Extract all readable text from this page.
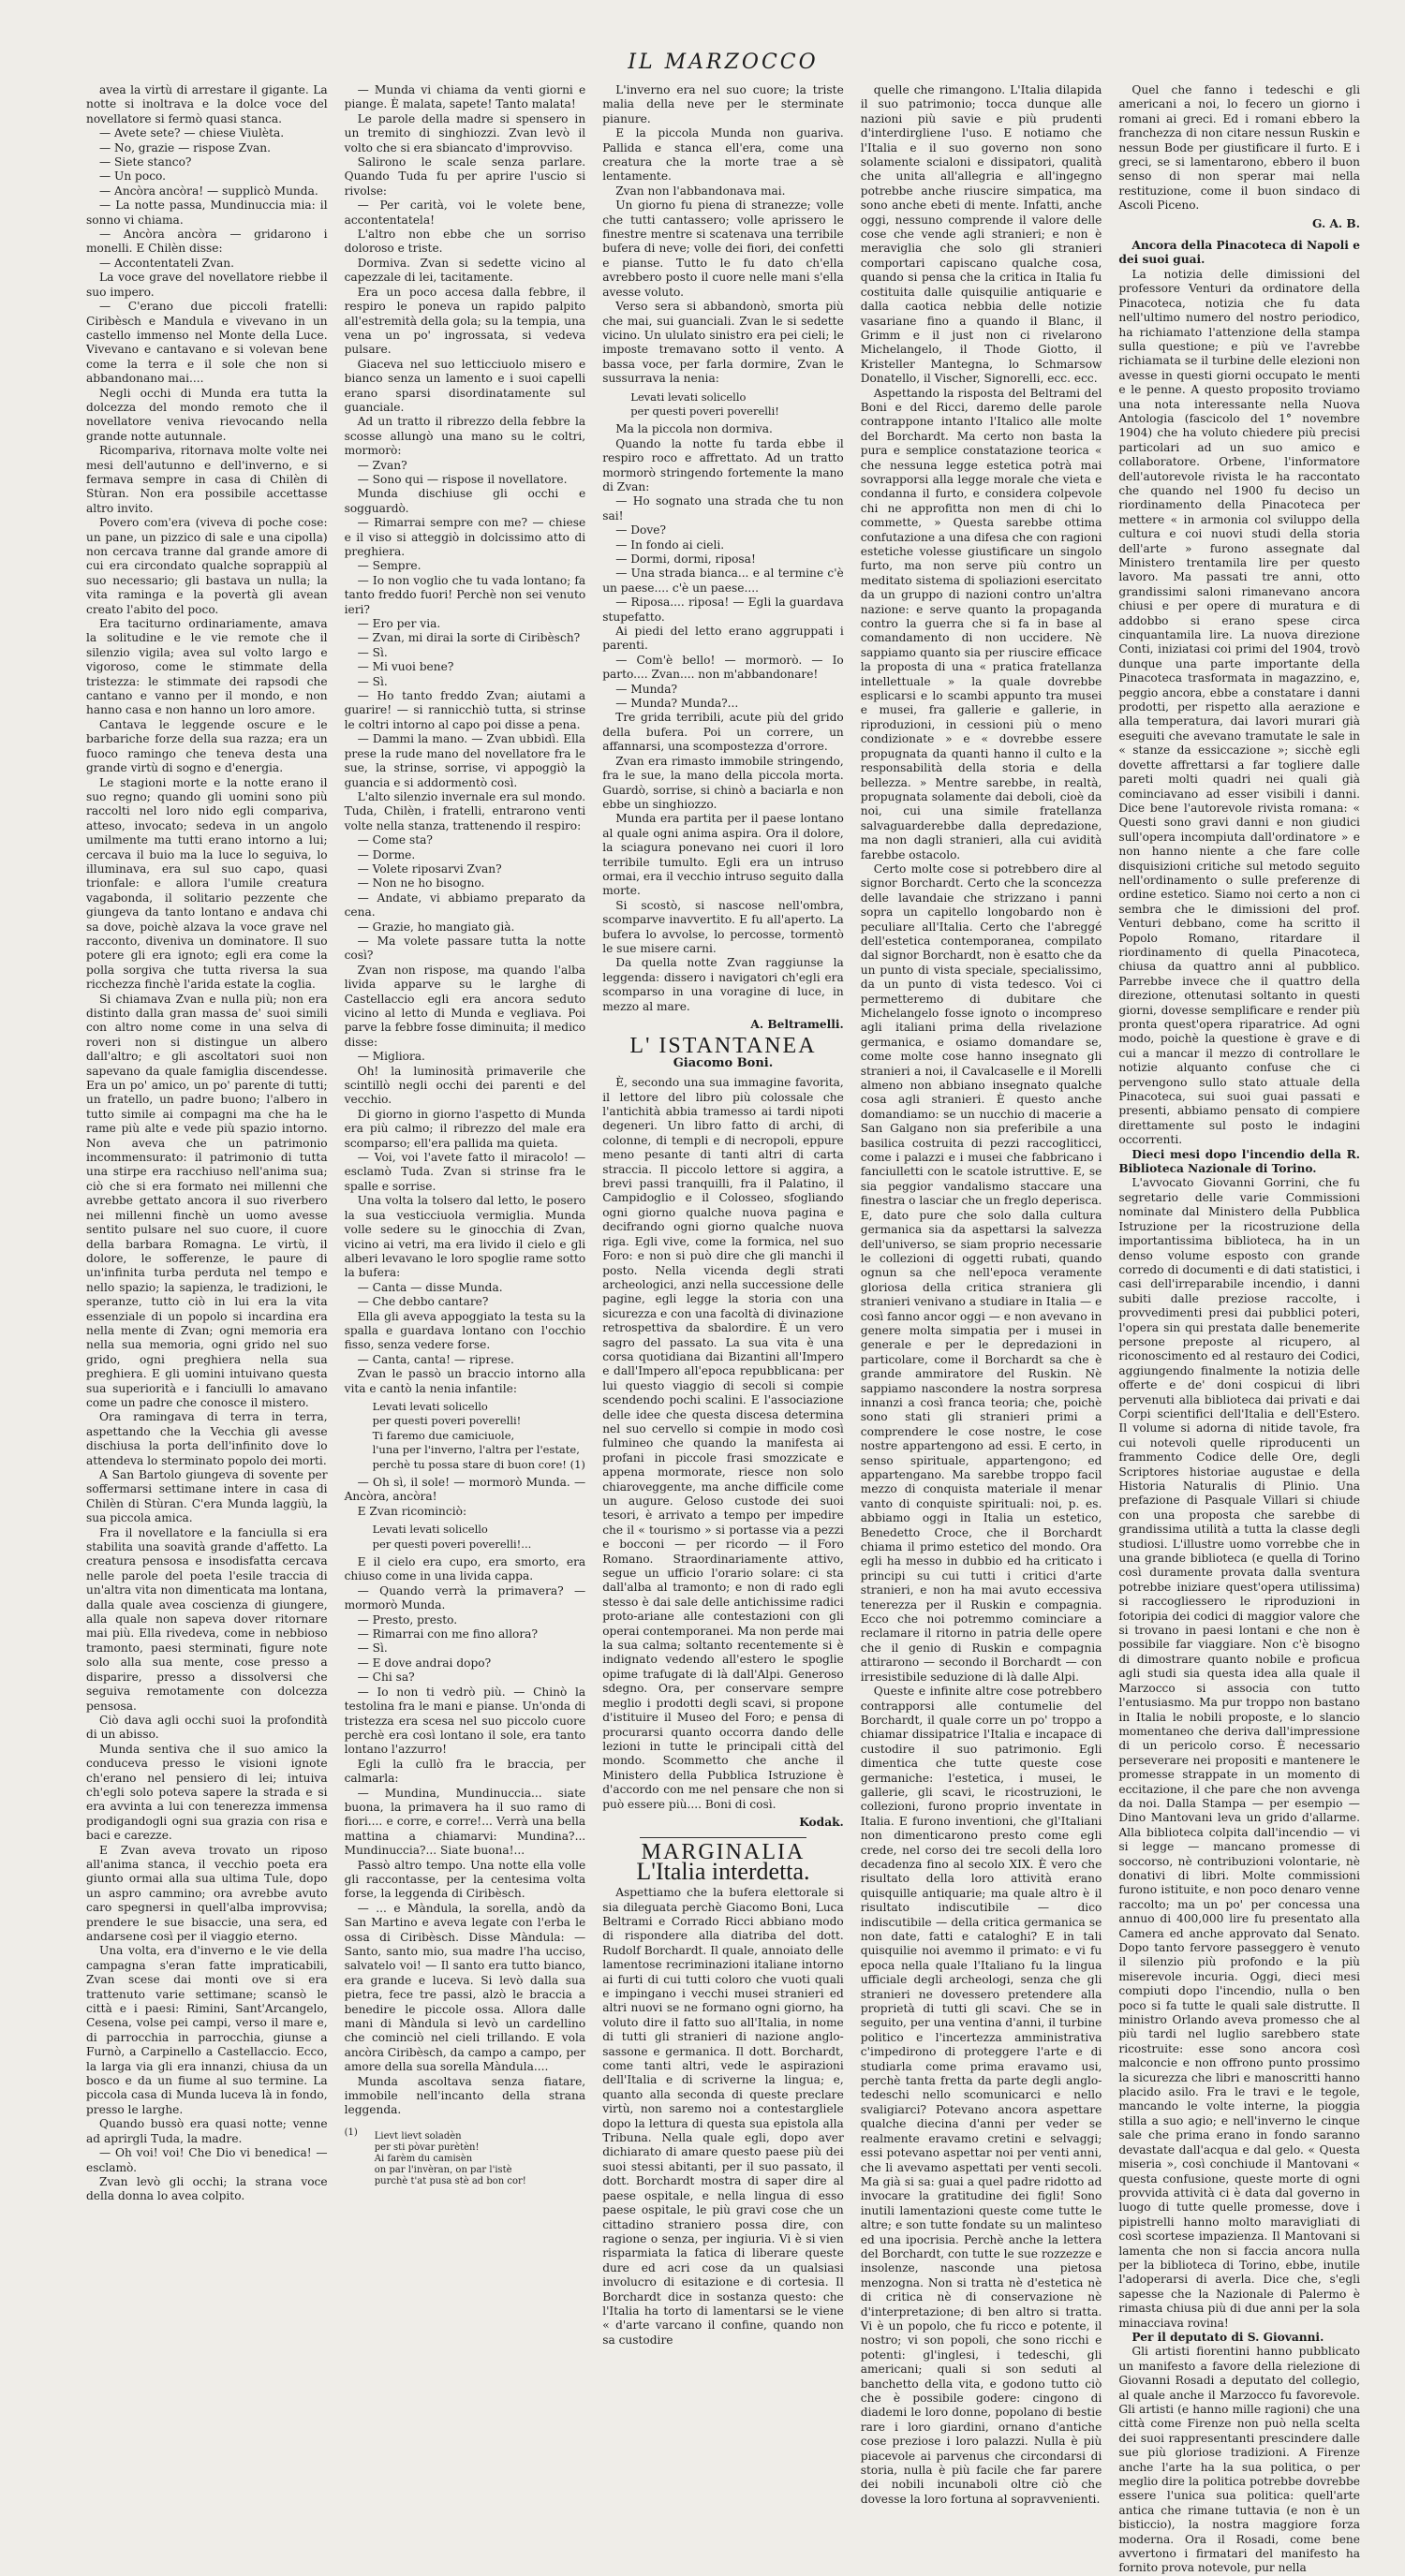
IL MARZOCCO

avea la virtù di arrestare il gigante. La notte si inoltrava e la dolce voce del novellatore si fermò quasi stanca.

— Avete sete? — chiese Viulèta.

— No, grazie — rispose Zvan.

— Siete stanco?

— Un poco.

— Ancòra ancòra! — supplicò Munda.

— La notte passa, Mundinuccia mia: il sonno vi chiama.

— Ancòra ancòra — gridarono i monelli. E Chilèn disse:

— Accontentateli Zvan.

La voce grave del novellatore riebbe il suo impero.

— C'erano due piccoli fratelli: Ciribèsch e Mandula e vivevano in un castello immenso nel Monte della Luce. Vivevano e cantavano e si volevan bene come la terra e il sole che non si abbandonano mai....

Negli occhi di Munda era tutta la dolcezza del mondo remoto che il novellatore veniva rievocando nella grande notte autunnale.

Ricompariva, ritornava molte volte nei mesi dell'autunno e dell'inverno, e si fermava sempre in casa di Chilèn di Stùran. Non era possibile accettasse altro invito.

Povero com'era (viveva di poche cose: un pane, un pizzico di sale e una cipolla) non cercava tranne dal grande amore di cui era circondato qualche soprappiù al suo necessario; gli bastava un nulla; la vita raminga e la povertà gli avean creato l'abito del poco.

Era taciturno ordinariamente, amava la solitudine e le vie remote che il silenzio vigila; avea sul volto largo e vigoroso, come le stimmate della tristezza: le stimmate dei rapsodi che cantano e vanno per il mondo, e non hanno casa e non hanno un loro amore.

Cantava le leggende oscure e le barbariche forze della sua razza; era un fuoco ramingo che teneva desta una grande virtù di sogno e d'energia.

Le stagioni morte e la notte erano il suo regno; quando gli uomini sono più raccolti nel loro nido egli compariva, atteso, invocato; sedeva in un angolo umilmente ma tutti erano intorno a lui; cercava il buio ma la luce lo seguiva, lo illuminava, era sul suo capo, quasi trionfale: e allora l'umile creatura vagabonda, il solitario pezzente che giungeva da tanto lontano e andava chi sa dove, poichè alzava la voce grave nel racconto, diveniva un dominatore. Il suo potere gli era ignoto; egli era come la polla sorgiva che tutta riversa la sua ricchezza finchè l'arida estate la coglia.

Si chiamava Zvan e nulla più; non era distinto dalla gran massa de' suoi simili con altro nome come in una selva di roveri non si distingue un albero dall'altro; e gli ascoltatori suoi non sapevano da quale famiglia discendesse. Era un po' amico, un po' parente di tutti; un fratello, un padre buono; l'albero in tutto simile ai compagni ma che ha le rame più alte e vede più spazio intorno. Non aveva che un patrimonio incommensurato: il patrimonio di tutta una stirpe era racchiuso nell'anima sua; ciò che si era formato nei millenni che avrebbe gettato ancora il suo riverbero nei millenni finchè un uomo avesse sentito pulsare nel suo cuore, il cuore della barbara Romagna. Le virtù, il dolore, le sofferenze, le paure di un'infinita turba perduta nel tempo e nello spazio; la sapienza, le tradizioni, le speranze, tutto ciò in lui era la vita essenziale di un popolo si incardina era nella mente di Zvan; ogni memoria era nella sua memoria, ogni grido nel suo grido, ogni preghiera nella sua preghiera. E gli uomini intuivano questa sua superiorità e i fanciulli lo amavano come un padre che conosce il mistero.

Ora ramingava di terra in terra, aspettando che la Vecchia gli avesse dischiusa la porta dell'infinito dove lo attendeva lo sterminato popolo dei morti.

A San Bartolo giungeva di sovente per soffermarsi settimane intere in casa di Chilèn di Stùran. C'era Munda laggiù, la sua piccola amica.

Fra il novellatore e la fanciulla si era stabilita una soavità grande d'affetto. La creatura pensosa e insodisfatta cercava nelle parole del poeta l'esile traccia di un'altra vita non dimenticata ma lontana, dalla quale avea coscienza di giungere, alla quale non sapeva dover ritornare mai più. Ella rivedeva, come in nebbioso tramonto, paesi sterminati, figure note solo alla sua mente, cose presso a disparire, presso a dissolversi che seguiva remotamente con dolcezza pensosa.

Ciò dava agli occhi suoi la profondità di un abisso.

Munda sentiva che il suo amico la conduceva presso le visioni ignote ch'erano nel pensiero di lei; intuiva ch'egli solo poteva sapere la strada e si era avvinta a lui con tenerezza immensa prodigandogli ogni sua grazia con risa e baci e carezze.

E Zvan aveva trovato un riposo all'anima stanca, il vecchio poeta era giunto ormai alla sua ultima Tule, dopo un aspro cammino; ora avrebbe avuto caro spegnersi in quell'alba improvvisa; prendere le sue bisaccie, una sera, ed andarsene così per il viaggio eterno.

Una volta, era d'inverno e le vie della campagna s'eran fatte impraticabili, Zvan scese dai monti ove si era trattenuto varie settimane; scansò le città e i paesi: Rimini, Sant'Arcangelo, Cesena, volse pei campi, verso il mare e, di parrocchia in parrocchia, giunse a Furnò, a Carpinello a Castellaccio. Ecco, la larga via gli era innanzi, chiusa da un bosco e da un fiume al suo termine. La piccola casa di Munda luceva là in fondo, presso le larghe.

Quando bussò era quasi notte; venne ad aprirgli Tuda, la madre.

— Oh voi! voi! Che Dio vi benedica! — esclamò.

Zvan levò gli occhi; la strana voce della donna lo avea colpito.

— Munda vi chiama da venti giorni e piange. È malata, sapete! Tanto malata!

Le parole della madre si spensero in un tremito di singhiozzi. Zvan levò il volto che si era sbiancato d'improvviso.

Salirono le scale senza parlare. Quando Tuda fu per aprire l'uscio si rivolse:

— Per carità, voi le volete bene, accontentatela!

L'altro non ebbe che un sorriso doloroso e triste.

Dormiva. Zvan si sedette vicino al capezzale di lei, tacitamente.

Era un poco accesa dalla febbre, il respiro le poneva un rapido palpito all'estremità della gola; su la tempia, una vena un po' ingrossata, si vedeva pulsare.

Giaceva nel suo letticciuolo misero e bianco senza un lamento e i suoi capelli erano sparsi disordinatamente sul guanciale.

Ad un tratto il ribrezzo della febbre la scosse allungò una mano su le coltri, mormorò:

— Zvan?

— Sono qui — rispose il novellatore.

Munda dischiuse gli occhi e sogguardò.

— Rimarrai sempre con me? — chiese e il viso si atteggiò in dolcissimo atto di preghiera.

— Sempre.

— Io non voglio che tu vada lontano; fa tanto freddo fuori! Perchè non sei venuto ieri?

— Ero per via.

— Zvan, mi dirai la sorte di Ciribèsch?

— Sì.

— Mi vuoi bene?

— Sì.

— Ho tanto freddo Zvan; aiutami a guarire! — si rannicchiò tutta, si strinse le coltri intorno al capo poi disse a pena.

— Dammi la mano. — Zvan ubbidì. Ella prese la rude mano del novellatore fra le sue, la strinse, sorrise, vi appoggiò la guancia e si addormentò così.

L'alto silenzio invernale era sul mondo. Tuda, Chilèn, i fratelli, entrarono venti volte nella stanza, trattenendo il respiro:

— Come sta?

— Dorme.

— Volete riposarvi Zvan?

— Non ne ho bisogno.

— Andate, vi abbiamo preparato da cena.

— Grazie, ho mangiato già.

— Ma volete passare tutta la notte così?

Zvan non rispose, ma quando l'alba livida apparve su le larghe di Castellaccio egli era ancora seduto vicino al letto di Munda e vegliava. Poi parve la febbre fosse diminuita; il medico disse:

— Migliora.

Oh! la luminosità primaverile che scintillò negli occhi dei parenti e del vecchio.

Di giorno in giorno l'aspetto di Munda era più calmo; il ribrezzo del male era scomparso; ell'era pallida ma quieta.

— Voi, voi l'avete fatto il miracolo! — esclamò Tuda. Zvan si strinse fra le spalle e sorrise.

Una volta la tolsero dal letto, le posero la sua vesticciuola vermiglia. Munda volle sedere su le ginocchia di Zvan, vicino ai vetri, ma era livido il cielo e gli alberi levavano le loro spoglie rame sotto la bufera:

— Canta — disse Munda.

— Che debbo cantare?

Ella gli aveva appoggiato la testa su la spalla e guardava lontano con l'occhio fisso, senza vedere forse.

— Canta, canta! — riprese.

Zvan le passò un braccio intorno alla vita e cantò la nenia infantile:

Levati levati solicello
per questi poveri poverelli!
Ti faremo due camiciuole,
l'una per l'inverno, l'altra per l'estate,
perchè tu possa stare di buon core! (1)

— Oh sì, il sole! — mormorò Munda. — Ancòra, ancòra!

E Zvan ricominciò:

Levati levati solicello
per questi poveri poverelli!...

E il cielo era cupo, era smorto, era chiuso come in una livida cappa.

— Quando verrà la primavera? — mormorò Munda.

— Presto, presto.

— Rimarrai con me fino allora?

— Sì.

— E dove andrai dopo?

— Chi sa?

— Io non ti vedrò più. — Chinò la testolina fra le mani e pianse. Un'onda di tristezza era scesa nel suo piccolo cuore perchè era così lontano il sole, era tanto lontano l'azzurro!

Egli la cullò fra le braccia, per calmarla:

— Mundina, Mundinuccia... siate buona, la primavera ha il suo ramo di fiori.... e corre, e corre!... Verrà una bella mattina a chiamarvi: Mundina?... Mundinuccia?... Siate buona!...

Passò altro tempo. Una notte ella volle gli raccontasse, per la centesima volta forse, la leggenda di Ciribèsch.

— ... e Màndula, la sorella, andò da San Martino e aveva legate con l'erba le ossa di Ciribèsch. Disse Màndula: — Santo, santo mio, sua madre l'ha ucciso, salvatelo voi! — Il santo era tutto bianco, era grande e luceva. Si levò dalla sua pietra, fece tre passi, alzò le braccia a benedire le piccole ossa. Allora dalle mani di Màndula si levò un cardellino che cominciò nel cieli trillando. E vola ancòra Ciribèsch, da campo a campo, per amore della sua sorella Màndula....

Munda ascoltava senza fiatare, immobile nell'incanto della strana leggenda.

(1) Lievt lievt soladèn
per sti pòvar purètèn!
Ai farèm du camisèn
on par l'invèran, on par l'istè
purchè t'at pusa stè ad bon cor!

L'inverno era nel suo cuore; la triste malia della neve per le sterminate pianure.

E la piccola Munda non guariva. Pallida e stanca ell'era, come una creatura che la morte trae a sè lentamente.

Zvan non l'abbandonava mai.

Un giorno fu piena di stranezze; volle che tutti cantassero; volle aprissero le finestre mentre si scatenava una terribile bufera di neve; volle dei fiori, dei confetti e pianse. Tutto le fu dato ch'ella avrebbero posto il cuore nelle mani s'ella avesse voluto.

Verso sera si abbandonò, smorta più che mai, sui guanciali. Zvan le si sedette vicino. Un ululato sinistro era pei cieli; le imposte tremavano sotto il vento. A bassa voce, per farla dormire, Zvan le sussurrava la nenia:

Levati levati solicello
per questi poveri poverelli!

Ma la piccola non dormiva.

Quando la notte fu tarda ebbe il respiro roco e affrettato. Ad un tratto mormorò stringendo fortemente la mano di Zvan:

— Ho sognato una strada che tu non sai!

— Dove?

— In fondo ai cieli.

— Dormi, dormi, riposa!

— Una strada bianca... e al termine c'è un paese.... c'è un paese....

— Riposa.... riposa! — Egli la guardava stupefatto.

Ai piedi del letto erano aggruppati i parenti.

— Com'è bello! — mormorò. — Io parto.... Zvan.... non m'abbandonare!

— Munda?

— Munda? Munda?...

Tre grida terribili, acute più del grido della bufera. Poi un correre, un affannarsi, una scompostezza d'orrore.

Zvan era rimasto immobile stringendo, fra le sue, la mano della piccola morta. Guardò, sorrise, si chinò a baciarla e non ebbe un singhiozzo.

Munda era partita per il paese lontano al quale ogni anima aspira. Ora il dolore, la sciagura ponevano nei cuori il loro terribile tumulto. Egli era un intruso ormai, era il vecchio intruso seguito dalla morte.

Si scostò, si nascose nell'ombra, scomparve inavvertito. E fu all'aperto. La bufera lo avvolse, lo percosse, tormentò le sue misere carni.

Da quella notte Zvan raggiunse la leggenda: dissero i navigatori ch'egli era scomparso in una voragine di luce, in mezzo al mare.

A. Beltramelli.
L' ISTANTANEA
Giacomo Boni.

È, secondo una sua immagine favorita, il lettore del libro più colossale che l'antichità abbia tramesso ai tardi nipoti degeneri. Un libro fatto di archi, di colonne, di templi e di necropoli, eppure meno pesante di tanti altri di carta straccia. Il piccolo lettore si aggira, a brevi passi tranquilli, fra il Palatino, il Campidoglio e il Colosseo, sfogliando ogni giorno qualche nuova pagina e decifrando ogni giorno qualche nuova riga. Egli vive, come la formica, nel suo Foro: e non si può dire che gli manchi il posto. Nella vicenda degli strati archeologici, anzi nella successione delle pagine, egli legge la storia con una sicurezza e con una facoltà di divinazione retrospettiva da sbalordire. È un vero sagro del passato. La sua vita è una corsa quotidiana dai Bizantini all'Impero e dall'Impero all'epoca repubblicana: per lui questo viaggio di secoli si compie scendendo pochi scalini. E l'associazione delle idee che questa discesa determina nel suo cervello si compie in modo così fulmineo che quando la manifesta ai profani in piccole frasi smozzicate e appena mormorate, riesce non solo chiaroveggente, ma anche difficile come un augure. Geloso custode dei suoi tesori, è arrivato a tempo per impedire che il « tourismo » si portasse via a pezzi e bocconi — per ricordo — il Foro Romano. Straordinariamente attivo, segue un ufficio l'orario solare: ci sta dall'alba al tramonto; e non di rado egli stesso è dai sale delle antichissime radici proto-ariane alle contestazioni con gli operai contemporanei. Ma non perde mai la sua calma; soltanto recentemente si è indignato vedendo all'estero le spoglie opime trafugate di là dall'Alpi. Generoso sdegno. Ora, per conservare sempre meglio i prodotti degli scavi, si propone d'istituire il Museo del Foro; e pensa di procurarsi quanto occorra dando delle lezioni in tutte le principali città del mondo. Scommetto che anche il Ministero della Pubblica Istruzione è d'accordo con me nel pensare che non si può essere più.... Boni di così.

Kodak.
MARGINALIA
L'Italia interdetta.

Aspettiamo che la bufera elettorale si sia dileguata perchè Giacomo Boni, Luca Beltrami e Corrado Ricci abbiano modo di rispondere alla diatriba del dott. Rudolf Borchardt. Il quale, annoiato delle lamentose recriminazioni italiane intorno ai furti di cui tutti coloro che vuoti quali e impingano i vecchi musei stranieri ed altri nuovi se ne formano ogni giorno, ha voluto dire il fatto suo all'Italia, in nome di tutti gli stranieri di nazione anglo-sassone e germanica. Il dott. Borchardt, come tanti altri, vede le aspirazioni dell'Italia e di scriverne la lingua; e, quanto alla seconda di queste preclare virtù, non saremo noi a contestargliele dopo la lettura di questa sua epistola alla Tribuna. Nella quale egli, dopo aver dichiarato di amare questo paese più dei suoi stessi abitanti, per il suo passato, il dott. Borchardt mostra di saper dire al paese ospitale, e nella lingua di esso paese ospitale, le più gravi cose che un cittadino straniero possa dire, con ragione o senza, per ingiuria. Vi è si vien risparmiata la fatica di liberare queste dure ed acri cose da un qualsiasi involucro di esitazione e di cortesia. Il Borchardt dice in sostanza questo: che l'Italia ha torto di lamentarsi se le viene « d'arte varcano il confine, quando non sa custodire

quelle che rimangono. L'Italia dilapida il suo patrimonio; tocca dunque alle nazioni più savie e più prudenti d'interdirgliene l'uso. E notiamo che l'Italia e il suo governo non sono solamente scialoni e dissipatori, qualità che unita all'allegria e all'ingegno potrebbe anche riuscire simpatica, ma sono anche ebeti di mente. Infatti, anche oggi, nessuno comprende il valore delle cose che vende agli stranieri; e non è meraviglia che solo gli stranieri comportari capiscano qualche cosa, quando si pensa che la critica in Italia fu costituita dalle quisquilie antiquarie e dalla caotica nebbia delle notizie vasariane fino a quando il Blanc, il Grimm e il just non ci rivelarono Michelangelo, il Thode Giotto, il Kristeller Mantegna, lo Schmarsow Donatello, il Vischer, Signorelli, ecc. ecc.

Aspettando la risposta del Beltrami del Boni e del Ricci, daremo delle parole contrappone intanto l'Italico alle molte del Borchardt. Ma certo non basta la pura e semplice constatazione teorica « che nessuna legge estetica potrà mai sovrapporsi alla legge morale che vieta e condanna il furto, e considera colpevole chi ne approfitta non men di chi lo commette, » Questa sarebbe ottima confutazione a una difesa che con ragioni estetiche volesse giustificare un singolo furto, ma non serve più contro un meditato sistema di spoliazioni esercitato da un gruppo di nazioni contro un'altra nazione: e serve quanto la propaganda contro la guerra che si fa in base al comandamento di non uccidere. Nè sappiamo quanto sia per riuscire efficace la proposta di una « pratica fratellanza intellettuale » la quale dovrebbe esplicarsi e lo scambi appunto tra musei e musei, fra gallerie e gallerie, in riproduzioni, in cessioni più o meno condizionate » e « dovrebbe essere propugnata da quanti hanno il culto e la responsabilità della storia e della bellezza. » Mentre sarebbe, in realtà, propugnata solamente dai deboli, cioè da noi, cui una simile fratellanza salvaguarderebbe dalla depredazione, ma non dagli stranieri, alla cui avidità farebbe ostacolo.

Certo molte cose si potrebbero dire al signor Borchardt. Certo che la sconcezza delle lavandaie che strizzano i panni sopra un capitello longobardo non è peculiare all'Italia. Certo che l'abreggé dell'estetica contemporanea, compilato dal signor Borchardt, non è esatto che da un punto di vista speciale, specialissimo, da un punto di vista tedesco. Voi ci permetteremo di dubitare che Michelangelo fosse ignoto o incompreso agli italiani prima della rivelazione germanica, e osiamo domandare se, come molte cose hanno insegnato gli stranieri a noi, il Cavalcaselle e il Morelli almeno non abbiano insegnato qualche cosa agli stranieri. È questo anche domandiamo: se un nucchio di macerie a San Galgano non sia preferibile a una basilica costruita di pezzi raccogliticci, come i palazzi e i musei che fabbricano i fanciulletti con le scatole istruttive. E, se sia peggior vandalismo staccare una finestra o lasciar che un freglo deperisca. E, dato pure che solo dalla cultura germanica sia da aspettarsi la salvezza dell'universo, se siam proprio necessarie le collezioni di oggetti rubati, quando ognun sa che nell'epoca veramente gloriosa della critica straniera gli stranieri venivano a studiare in Italia — e così fanno ancor oggi — e non avevano in genere molta simpatia per i musei in generale e per le depredazioni in particolare, come il Borchardt sa che è grande ammiratore del Ruskin. Nè sappiamo nascondere la nostra sorpresa innanzi a così franca teoria; che, poichè sono stati gli stranieri primi a comprendere le cose nostre, le cose nostre appartengono ad essi. E certo, in senso spirituale, appartengono; ed appartengano. Ma sarebbe troppo facil mezzo di conquista materiale il menar vanto di conquiste spirituali: noi, p. es. abbiamo oggi in Italia un estetico, Benedetto Croce, che il Borchardt chiama il primo estetico del mondo. Ora egli ha messo in dubbio ed ha criticato i principi su cui tutti i critici d'arte stranieri, e non ha mai avuto eccessiva tenerezza per il Ruskin e compagnia. Ecco che noi potremmo cominciare a reclamare il ritorno in patria delle opere che il genio di Ruskin e compagnia attirarono — secondo il Borchardt — con irresistibile seduzione di là dalle Alpi.

Queste e infinite altre cose potrebbero contrapporsi alle contumelie del Borchardt, il quale corre un po' troppo a chiamar dissipatrice l'Italia e incapace di custodire il suo patrimonio. Egli dimentica che tutte queste cose germaniche: l'estetica, i musei, le gallerie, gli scavi, le ricostruzioni, le collezioni, furono proprio inventate in Italia. E furono inventioni, che gl'Italiani non dimenticarono presto come egli crede, nel corso dei tre secoli della loro decadenza fino al secolo XIX. È vero che risultato della loro attività erano quisquille antiquarie; ma quale altro è il risultato indiscutibile — dico indiscutibile — della critica germanica se non date, fatti e cataloghi? E in tali quisquilie noi avemmo il primato: e vi fu epoca nella quale l'Italiano fu la lingua ufficiale degli archeologi, senza che gli stranieri ne dovessero pretendere alla proprietà di tutti gli scavi. Che se in seguito, per una ventina d'anni, il turbine politico e l'incertezza amministrativa c'impedirono di proteggere l'arte e di studiarla come prima eravamo usi, perchè tanta fretta da parte degli anglo-tedeschi nello scomunicarci e nello svaligiarci? Potevano ancora aspettare qualche diecina d'anni per veder se realmente eravamo cretini e selvaggi; essi potevano aspettar noi per venti anni, che li avevamo aspettati per venti secoli. Ma già si sa: guai a quel padre ridotto ad invocare la gratitudine dei figli! Sono inutili lamentazioni queste come tutte le altre; e son tutte fondate su un malinteso ed una ipocrisia. Perchè anche la lettera del Borchardt, con tutte le sue rozzezze e insolenze, nasconde una pietosa menzogna. Non si tratta nè d'estetica nè di critica nè di conservazione nè d'interpretazione; di ben altro si tratta. Vi è un popolo, che fu ricco e potente, il nostro; vi son popoli, che sono ricchi e potenti: gl'inglesi, i tedeschi, gli americani; quali si son seduti al banchetto della vita, e godono tutto ciò che è possibile godere: cingono di diademi le loro donne, popolano di bestie rare i loro giardini, ornano d'antiche cose preziose i loro palazzi. Nulla è più piacevole ai parvenus che circondarsi di storia, nulla è più facile che far parere dei nobili incunaboli oltre ciò che dovesse la loro fortuna al sopravvenienti.

Quel che fanno i tedeschi e gli americani a noi, lo fecero un giorno i romani ai greci. Ed i romani ebbero la franchezza di non citare nessun Ruskin e nessun Bode per giustificare il furto. E i greci, se si lamentarono, ebbero il buon senso di non sperar mai nella restituzione, come il buon sindaco di Ascoli Piceno.

G. A. B.

Ancora della Pinacoteca di Napoli e dei suoi guai.

La notizia delle dimissioni del professore Venturi da ordinatore della Pinacoteca, notizia che fu data nell'ultimo numero del nostro periodico, ha richiamato l'attenzione della stampa sulla questione; e più ve l'avrebbe richiamata se il turbine delle elezioni non avesse in questi giorni occupato le menti e le penne. A questo proposito troviamo una nota interessante nella Nuova Antologia (fascicolo del 1° novembre 1904) che ha voluto chiedere più precisi particolari ad un suo amico e collaboratore. Orbene, l'informatore dell'autorevole rivista le ha raccontato che quando nel 1900 fu deciso un riordinamento della Pinacoteca per mettere « in armonia col sviluppo della cultura e coi nuovi studi della storia dell'arte » furono assegnate dal Ministero trentamila lire per questo lavoro. Ma passati tre anni, otto grandissimi saloni rimanevano ancora chiusi e per opere di muratura e di addobbo si erano spese circa cinquantamila lire. La nuova direzione Conti, iniziatasi coi primi del 1904, trovò dunque una parte importante della Pinacoteca trasformata in magazzino, e, peggio ancora, ebbe a constatare i danni prodotti, per rispetto alla aerazione e alla temperatura, dai lavori murari già eseguiti che avevano tramutate le sale in « stanze da essiccazione »; sicchè egli dovette affrettarsi a far togliere dalle pareti molti quadri nei quali già cominciavano ad esser visibili i danni. Dice bene l'autorevole rivista romana: « Questi sono gravi danni e non giudici sull'opera incompiuta dall'ordinatore » e non hanno niente a che fare colle disquisizioni critiche sul metodo seguito nell'ordinamento o sulle preferenze di ordine estetico. Siamo noi certo a non ci sembra che le dimissioni del prof. Venturi debbano, come ha scritto il Popolo Romano, ritardare il riordinamento di quella Pinacoteca, chiusa da quattro anni al pubblico. Parrebbe invece che il quattro della direzione, ottenutasi soltanto in questi giorni, dovesse semplificare e render più pronta quest'opera riparatrice. Ad ogni modo, poichè la questione è grave e di cui a mancar il mezzo di controllare le notizie alquanto confuse che ci pervengono sullo stato attuale della Pinacoteca, sui suoi guai passati e presenti, abbiamo pensato di compiere direttamente sul posto le indagini occorrenti.

Dieci mesi dopo l'incendio della R. Biblioteca Nazionale di Torino.

L'avvocato Giovanni Gorrini, che fu segretario delle varie Commissioni nominate dal Ministero della Pubblica Istruzione per la ricostruzione della importantissima biblioteca, ha in un denso volume esposto con grande corredo di documenti e di dati statistici, i casi dell'irreparabile incendio, i danni subiti dalle preziose raccolte, i provvedimenti presi dai pubblici poteri, l'opera sin qui prestata dalle benemerite persone preposte al ricupero, al riconoscimento ed al restauro dei Codici, aggiungendo finalmente la notizia delle offerte e de' doni cospicui di libri pervenuti alla biblioteca dai privati e dai Corpi scientifici dell'Italia e dell'Estero. Il volume si adorna di nitide tavole, fra cui notevoli quelle riproducenti un frammento Codice delle Ore, degli Scriptores historiae augustae e della Historia Naturalis di Plinio. Una prefazione di Pasquale Villari si chiude con una proposta che sarebbe di grandissima utilità a tutta la classe degli studiosi. L'illustre uomo vorrebbe che in una grande biblioteca (e quella di Torino così duramente provata dalla sventura potrebbe iniziare quest'opera utilissima) si raccogliessero le riproduzioni in fotoripia dei codici di maggior valore che si trovano in paesi lontani e che non è possibile far viaggiare. Non c'è bisogno di dimostrare quanto nobile e proficua agli studi sia questa idea alla quale il Marzocco si associa con tutto l'entusiasmo. Ma pur troppo non bastano in Italia le nobili proposte, e lo slancio momentaneo che deriva dall'impressione di un pericolo corso. È necessario perseverare nei propositi e mantenere le promesse strappate in un momento di eccitazione, il che pare che non avvenga da noi. Dalla Stampa — per esempio — Dino Mantovani leva un grido d'allarme. Alla biblioteca colpita dall'incendio — vi si legge — mancano promesse di soccorso, nè contribuzioni volontarie, nè donativi di libri. Molte commissioni furono istituite, e non poco denaro venne raccolto; ma un po' per concessa una annuo di 400,000 lire fu presentato alla Camera ed anche approvato dal Senato. Dopo tanto fervore passeggero è venuto il silenzio più profondo e la più miserevole incuria. Oggi, dieci mesi compiuti dopo l'incendio, nulla o ben poco si fa tutte le quali sale distrutte. Il ministro Orlando aveva promesso che al più tardi nel luglio sarebbero state ricostruite: esse sono ancora così malconcie e non offrono punto prossimo la sicurezza che libri e manoscritti hanno placido asilo. Fra le travi e le tegole, mancando le volte interne, la pioggia stilla a suo agio; e nell'inverno le cinque sale che prima erano in fondo saranno devastate dall'acqua e dal gelo. « Questa miseria », così conchiude il Mantovani « questa confusione, queste morte di ogni provvida attività ci è data dal governo in luogo di tutte quelle promesse, dove i pipistrelli hanno molto maravigliati di così scortese impazienza. Il Mantovani si lamenta che non si faccia ancora nulla per la biblioteca di Torino, ebbe, inutile l'adoperarsi di averla. Dice che, s'egli sapesse che la Nazionale di Palermo è rimasta chiusa più di due anni per la sola minacciava rovina!

Per il deputato di S. Giovanni.

Gli artisti fiorentini hanno pubblicato un manifesto a favore della rielezione di Giovanni Rosadi a deputato del collegio, al quale anche il Marzocco fu favorevole. Gli artisti (e hanno mille ragioni) che una città come Firenze non può nella scelta dei suoi rappresentanti prescindere dalle sue più gloriose tradizioni. A Firenze anche l'arte ha la sua politica, o per meglio dire la politica potrebbe dovrebbe essere l'unica sua politica: quell'arte antica che rimane tuttavia (e non è un bisticcio), la nostra maggiore forza moderna. Ora il Rosadi, come bene avvertono i firmatari del manifesto ha fornito prova notevole, pur nella
